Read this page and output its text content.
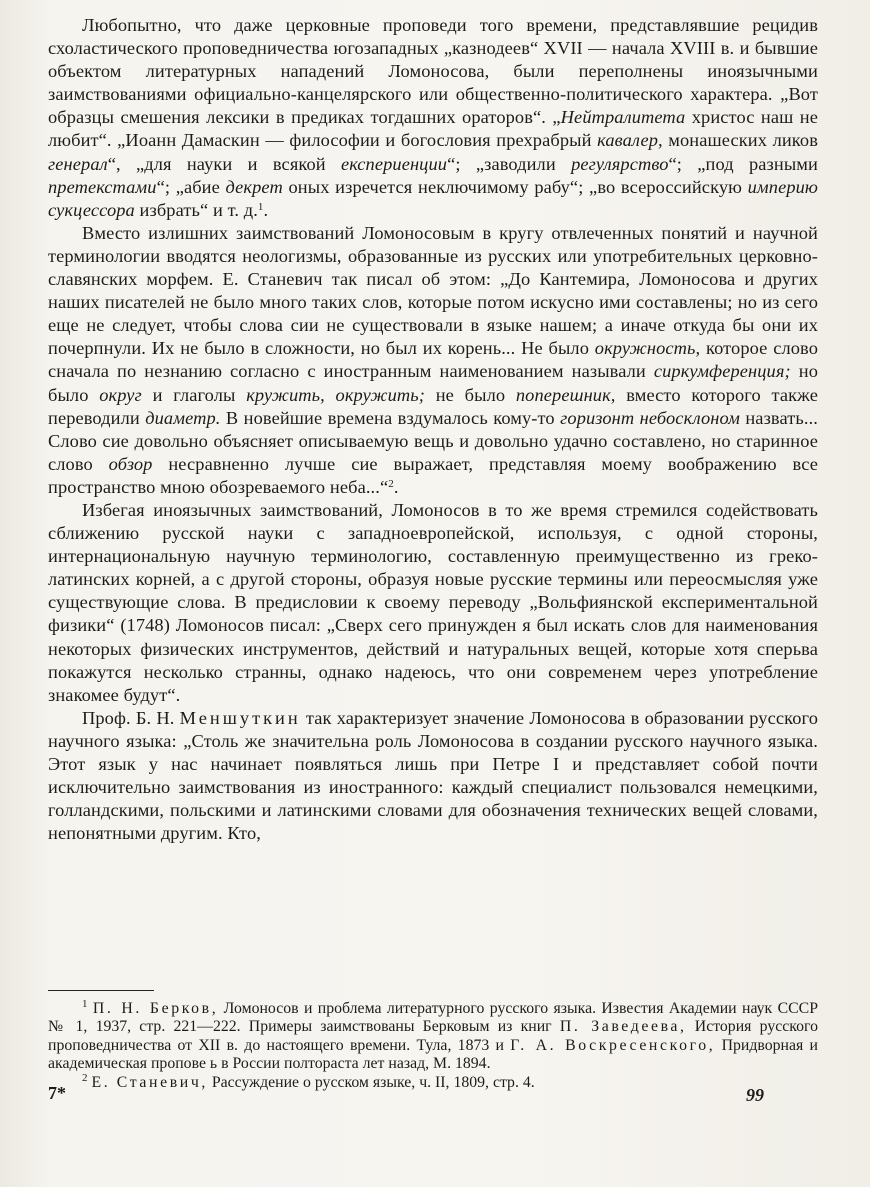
Любопытно, что даже церковные проповеди того времени, представлявшие рецидив схоластического проповедничества югозападных „казнодеев“ XVII — начала XVIII в. и бывшие объектом литературных нападений Ломоносова, были переполнены иноязычными заимствованиями официально-канцелярского или общественно-политического характера. „Вот образцы смешения лексики в предиках тогдашних ораторов“. „Нейтралитета христос наш не любит“. „Иоанн Дамаскин — философии и богословия прехрабрый кавалер, монашеских ликов генерал“, „для науки и всякой експериенции“; „заводили регулярство“; „под разными претекстами“; „абие декрет оных изречется неключимому рабу“; „во всероссийскую империю сукцессора избрать“ и т. д.$^1$.

Вместо излишних заимствований Ломоносовым в кругу отвлеченных понятий и научной терминологии вводятся неологизмы, образованные из русских или употребительных церковно-славянских морфем. Е. Станевич так писал об этом: „До Кантемира, Ломоносова и других наших писателей не было много таких слов, которые потом искусно ими составлены; но из сего еще не следует, чтобы слова сии не существовали в языке нашем; а иначе откуда бы они их почерпнули. Их не было в сложности, но был их корень... Не было окружность, которое слово сначала по незнанию согласно с иностранным наименованием называли сиркумференция; но было округ и глаголы кружить, окружить; не было поперешник, вместо которого также переводили диаметр. В новейшие времена вздумалось кому-то горизонт небосклоном назвать... Слово сие довольно объясняет описываемую вещь и довольно удачно составлено, но старинное слово обзор несравненно лучше сие выражает, представляя моему воображению все пространство мною обозреваемого неба...“$^2$.

Избегая иноязычных заимствований, Ломоносов в то же время стремился содействовать сближению русской науки с западноевропейской, используя, с одной стороны, интернациональную научную терминологию, составленную преимущественно из греко-латинских корней, а с другой стороны, образуя новые русские термины или переосмысляя уже существующие слова. В предисловии к своему переводу „Вольфиянской експериментальной физики“ (1748) Ломоносов писал: „Сверх сего принужден я был искать слов для наименования некоторых физических инструментов, действий и натуральных вещей, которые хотя сперьва покажутся несколько странны, однако надеюсь, что они современем через употребление знакомее будут“.

Проф. Б. Н. Меншуткин так характеризует значение Ломоносова в образовании русского научного языка: „Столь же значительна роль Ломоносова в создании русского научного языка. Этот язык у нас начинает появляться лишь при Петре I и представляет собой почти исключительно заимствования из иностранного: каждый специалист пользовался немецкими, голландскими, польскими и латинскими словами для обозначения технических вещей словами, непонятными другим. Кто,

$^1$ П. Н. Берков, Ломоносов и проблема литературного русского языка. Известия Академии наук СССР № 1, 1937, стр. 221—222. Примеры заимствованы Берковым из книг П. Заведеева, История русского проповедничества от XII в. до настоящего времени. Тула, 1873 и Г. А. Воскресенского, Придворная и академическая пропове ь в России полтораста лет назад, М. 1894.

$^2$ Е. Станевич, Рассуждение о русском языке, ч. II, 1809, стр. 4.

7*	99
